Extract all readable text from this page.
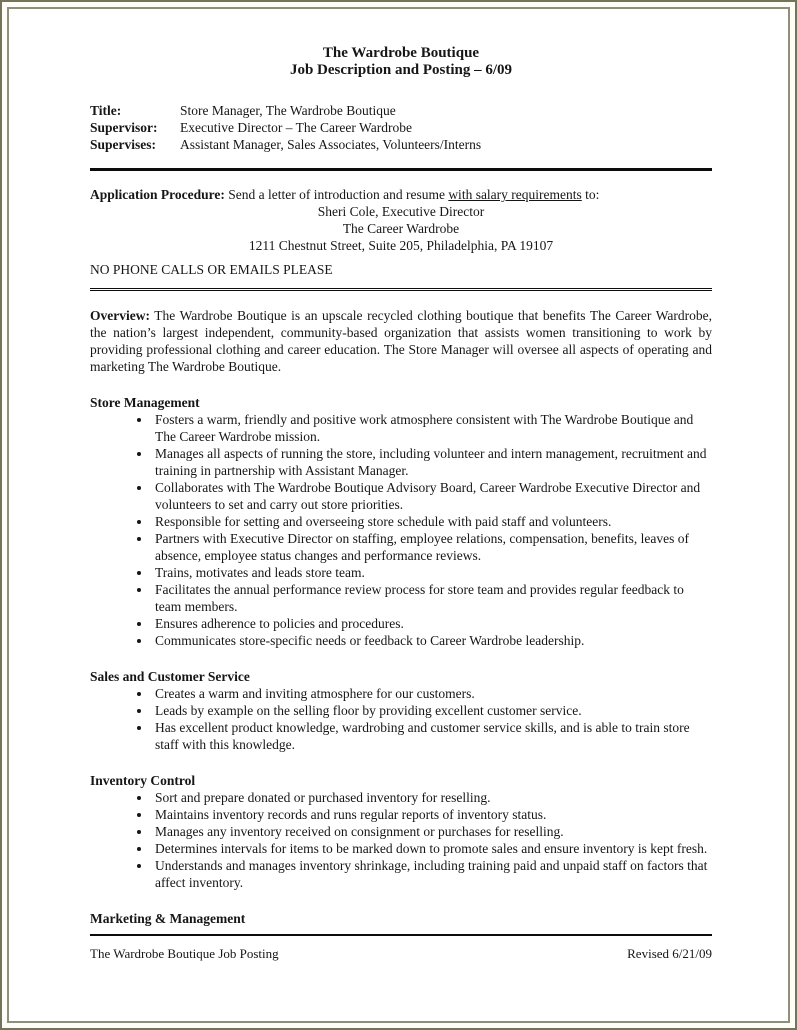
The Wardrobe Boutique
Job Description and Posting – 6/09
Title:	Store Manager, The Wardrobe Boutique
Supervisor:	Executive Director – The Career Wardrobe
Supervises:	Assistant Manager, Sales Associates, Volunteers/Interns
Application Procedure: Send a letter of introduction and resume with salary requirements to:
Sheri Cole, Executive Director
The Career Wardrobe
1211 Chestnut Street, Suite 205, Philadelphia, PA 19107
NO PHONE CALLS OR EMAILS PLEASE

Overview: The Wardrobe Boutique is an upscale recycled clothing boutique that benefits The Career Wardrobe, the nation’s largest independent, community-based organization that assists women transitioning to work by providing professional clothing and career education. The Store Manager will oversee all aspects of operating and marketing The Wardrobe Boutique.

Store Management
• Fosters a warm, friendly and positive work atmosphere consistent with The Wardrobe Boutique and The Career Wardrobe mission.
• Manages all aspects of running the store, including volunteer and intern management, recruitment and training in partnership with Assistant Manager.
• Collaborates with The Wardrobe Boutique Advisory Board, Career Wardrobe Executive Director and volunteers to set and carry out store priorities.
• Responsible for setting and overseeing store schedule with paid staff and volunteers.
• Partners with Executive Director on staffing, employee relations, compensation, benefits, leaves of absence, employee status changes and performance reviews.
• Trains, motivates and leads store team.
• Facilitates the annual performance review process for store team and provides regular feedback to team members.
• Ensures adherence to policies and procedures.
• Communicates store-specific needs or feedback to Career Wardrobe leadership.
Sales and Customer Service
• Creates a warm and inviting atmosphere for our customers.
• Leads by example on the selling floor by providing excellent customer service.
• Has excellent product knowledge, wardrobing and customer service skills, and is able to train store staff with this knowledge.
Inventory Control
• Sort and prepare donated or purchased inventory for reselling.
• Maintains inventory records and runs regular reports of inventory status.
• Manages any inventory received on consignment or purchases for reselling.
• Determines intervals for items to be marked down to promote sales and ensure inventory is kept fresh.
• Understands and manages inventory shrinkage, including training paid and unpaid staff on factors that affect inventory.
Marketing & Management
The Wardrobe Boutique Job Posting	Revised 6/21/09
